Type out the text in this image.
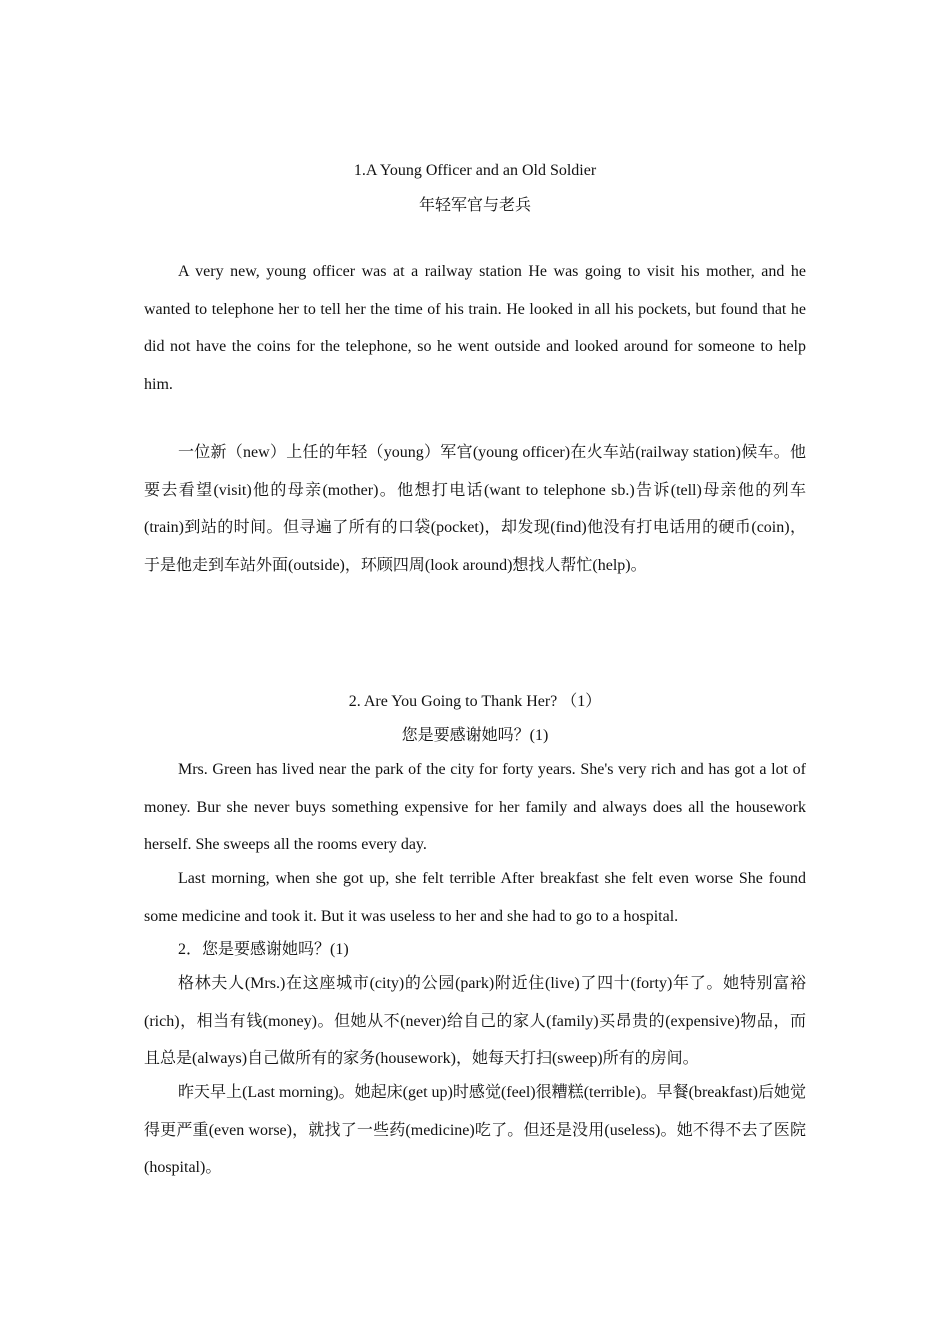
1.A Young Officer and an Old Soldier

年轻军官与老兵

A very new, young officer was at a railway station He was going to visit his mother, and he wanted to telephone her to tell her the time of his train. He looked in all his pockets, but found that he did not have the coins for the telephone, so he went outside and looked around for someone to help him.

一位新（new）上任的年轻（young）军官(young officer)在火车站(railway station)候车。他要去看望(visit)他的母亲(mother)。他想打电话(want to telephone sb.)告诉(tell)母亲他的列车(train)到站的时间。但寻遍了所有的口袋(pocket)，却发现(find)他没有打电话用的硬币(coin)，于是他走到车站外面(outside)，环顾四周(look around)想找人帮忙(help)。

2. Are You Going to Thank Her? （1）

您是要感谢她吗？(1)

Mrs. Green has lived near the park of the city for forty years. She's very rich and has got a lot of money. Bur she never buys something expensive for her family and always does all the housework herself. She sweeps all the rooms every day.

Last morning, when she got up, she felt terrible After breakfast she felt even worse She found some medicine and took it. But it was useless to her and she had to go to a hospital.

2．您是要感谢她吗？(1)

格林夫人(Mrs.)在这座城市(city)的公园(park)附近住(live)了四十(forty)年了。她特别富裕(rich)，相当有钱(money)。但她从不(never)给自己的家人(family)买昂贵的(expensive)物品，而且总是(always)自己做所有的家务(housework)，她每天打扫(sweep)所有的房间。

昨天早上(Last morning)。她起床(get up)时感觉(feel)很糟糕(terrible)。早餐(breakfast)后她觉得更严重(even worse)，就找了一些药(medicine)吃了。但还是没用(useless)。她不得不去了医院(hospital)。
